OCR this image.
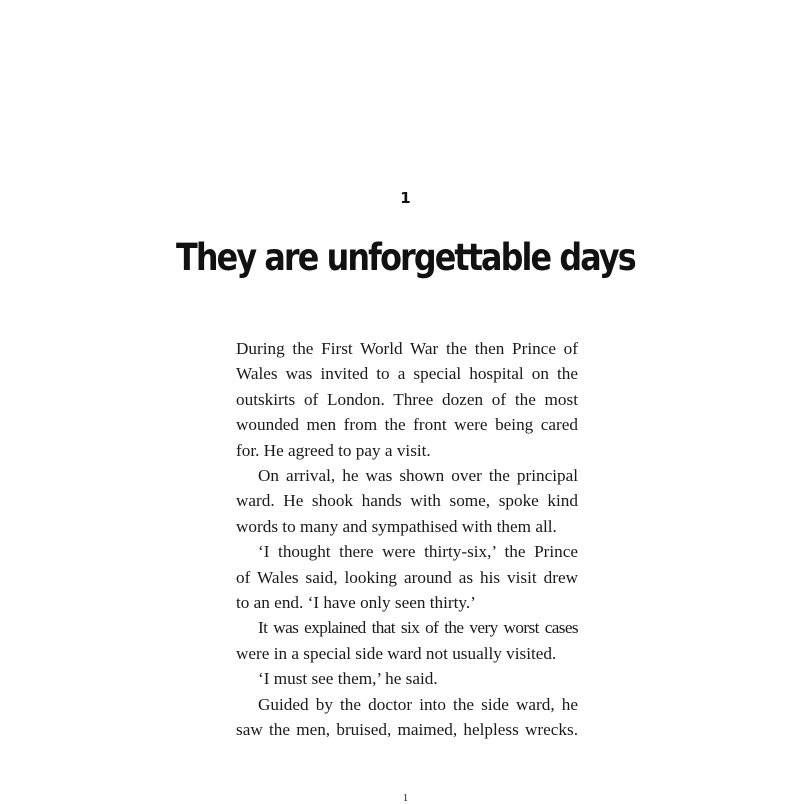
1
They are unforgettable days
During the First World War the then Prince of
Wales was invited to a special hospital on the
outskirts of London. Three dozen of the most
wounded men from the front were being cared
for. He agreed to pay a visit.
On arrival, he was shown over the principal
ward. He shook hands with some, spoke kind
words to many and sympathised with them all.
‘I thought there were thirty-six,’ the Prince
of Wales said, looking around as his visit drew
to an end. ‘I have only seen thirty.’
It was explained that six of the very worst cases
were in a special side ward not usually visited.
‘I must see them,’ he said.
Guided by the doctor into the side ward, he
saw the men, bruised, maimed, helpless wrecks.
1
